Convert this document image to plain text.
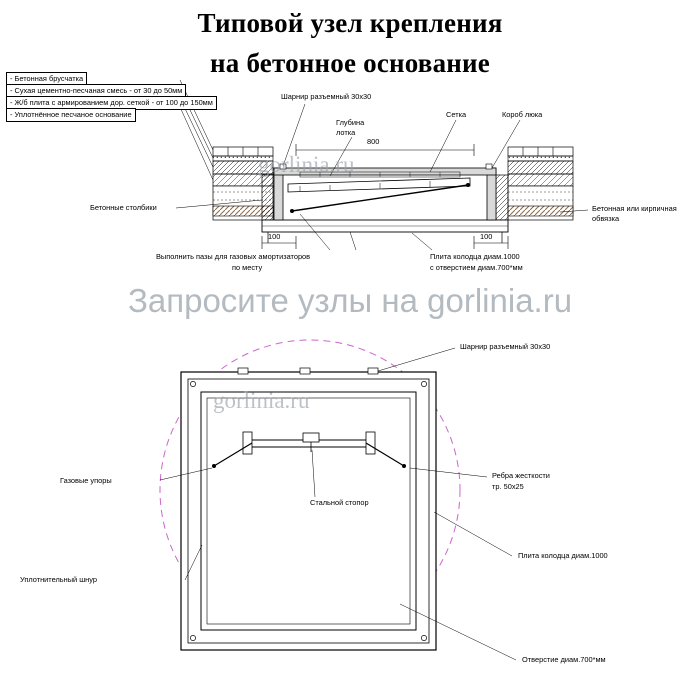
Типовой узел крепления
на бетонное основание
- Бетонная брусчатка
- Сухая цементно-песчаная смесь - от 30 до 50мм
- Ж/б плита с армированием дор. сеткой - от 100 до 150мм
- Уплотнённое песчаное основание
Шарнир разъемный 30х30
Глубина
лотка
Сетка	Короб люка
800
100	100
Бетонные столбики	Бетонная или кирпичная
обвязка
Выполнить пазы для газовых амортизаторов
по месту
Плита колодца диам.1000
с отверстием диам.700*мм
gorlinia.ru
Запросите узлы на gorlinia.ru
gorlinia.ru
Шарнир разъемный 30х30
Газовые упоры
Стальной стопор
Ребра жесткости
тр. 50х25
Уплотнительный шнур
Плита колодца диам.1000
Отверстие диам.700*мм
